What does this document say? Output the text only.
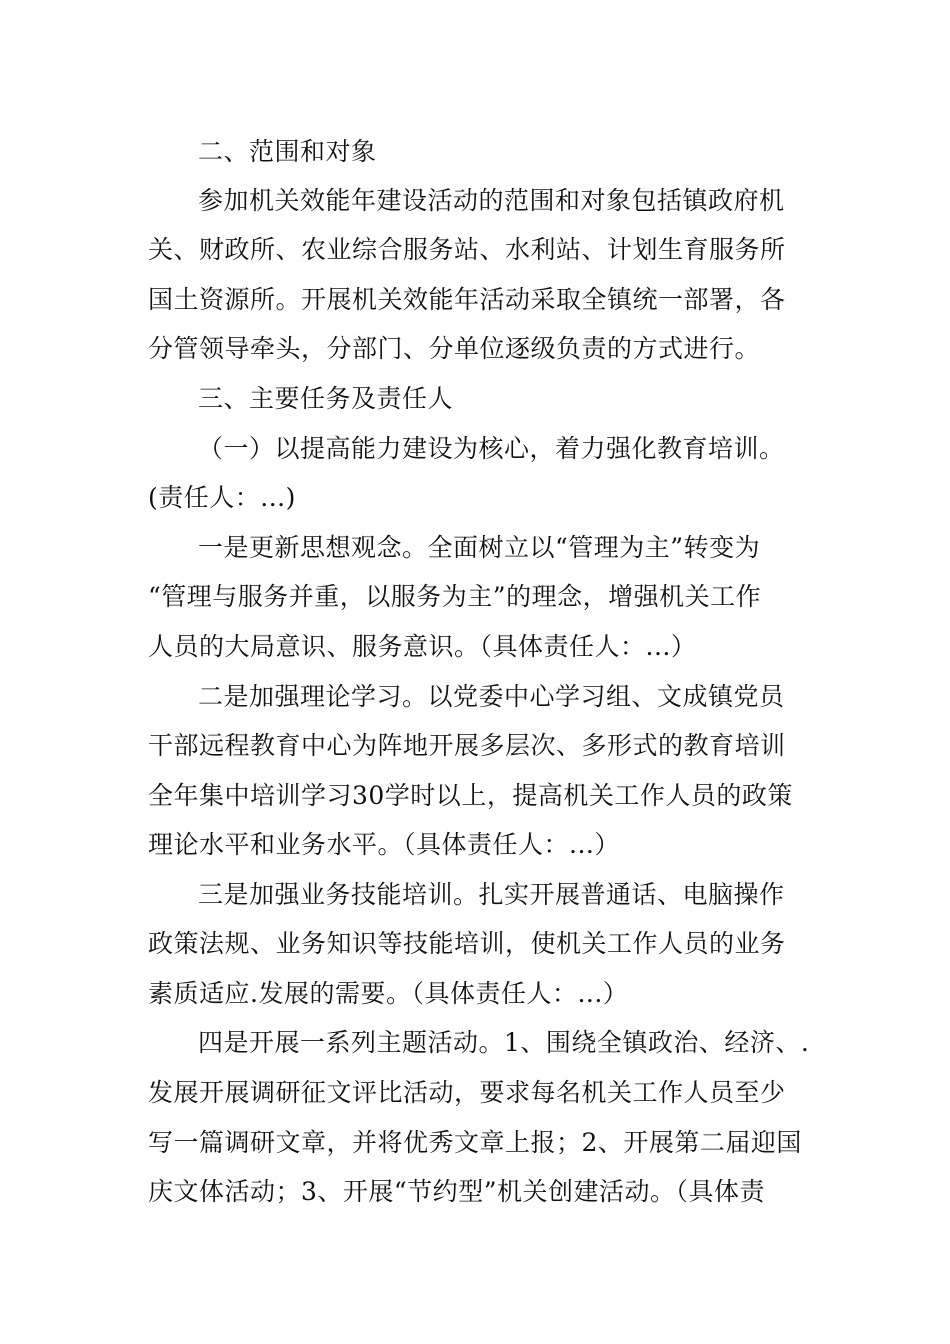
二、范围和对象
参加机关效能年建设活动的范围和对象包括镇政府机
关、财政所、农业综合服务站、水利站、计划生育服务所
国土资源所。开展机关效能年活动采取全镇统一部署，各
分管领导牵头，分部门、分单位逐级负责的方式进行。
三、主要任务及责任人
（一）以提高能力建设为核心，着力强化教育培训。
(责任人：...)
一是更新思想观念。全面树立以“管理为主”转变为
“管理与服务并重，以服务为主”的理念，增强机关工作
人员的大局意识、服务意识。（具体责任人：...）
二是加强理论学习。以党委中心学习组、文成镇党员
干部远程教育中心为阵地开展多层次、多形式的教育培训
全年集中培训学习30学时以上，提高机关工作人员的政策
理论水平和业务水平。（具体责任人：...）
三是加强业务技能培训。扎实开展普通话、电脑操作
政策法规、业务知识等技能培训，使机关工作人员的业务
素质适应.发展的需要。（具体责任人：...）
四是开展一系列主题活动。1、围绕全镇政治、经济、.
发展开展调研征文评比活动，要求每名机关工作人员至少
写一篇调研文章，并将优秀文章上报；2、开展第二届迎国
庆文体活动；3、开展“节约型”机关创建活动。（具体责
